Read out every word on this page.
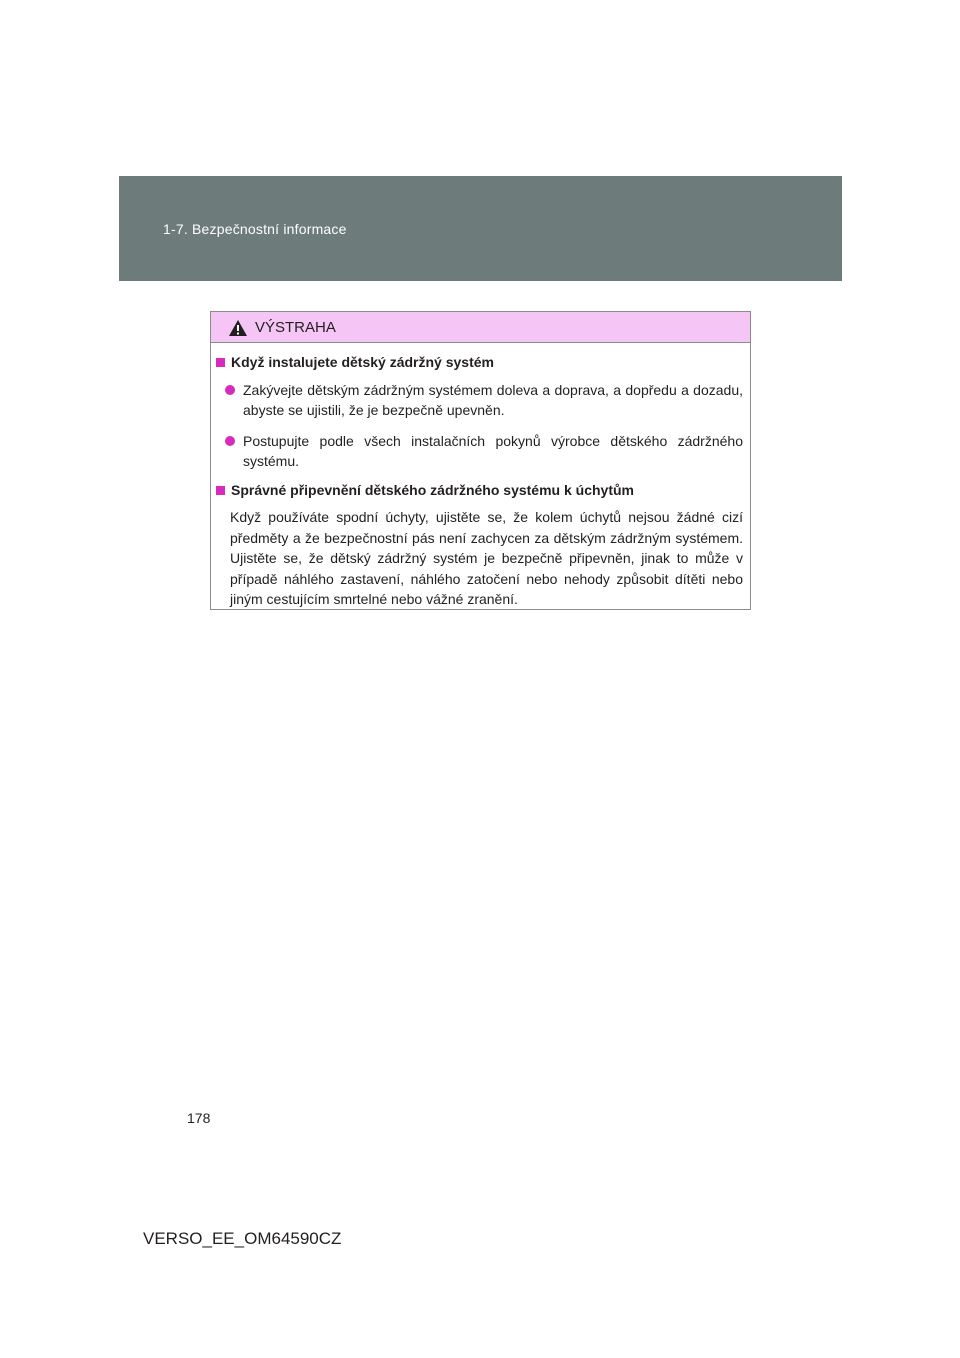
1-7. Bezpečnostní informace
VÝSTRAHA
Když instalujete dětský zádržný systém
Zakývejte dětským zádržným systémem doleva a doprava, a dopředu a dozadu, abyste se ujistili, že je bezpečně upevněn.
Postupujte podle všech instalačních pokynů výrobce dětského zádržného systému.
Správné připevnění dětského zádržného systému k úchytům
Když používáte spodní úchyty, ujistěte se, že kolem úchytů nejsou žádné cizí předměty a že bezpečnostní pás není zachycen za dětským zádržným systémem. Ujistěte se, že dětský zádržný systém je bezpečně připevněn, jinak to může v případě náhlého zastavení, náhlého zatočení nebo nehody způsobit dítěti nebo jiným cestujícím smrtelné nebo vážné zranění.
178
VERSO_EE_OM64590CZ
